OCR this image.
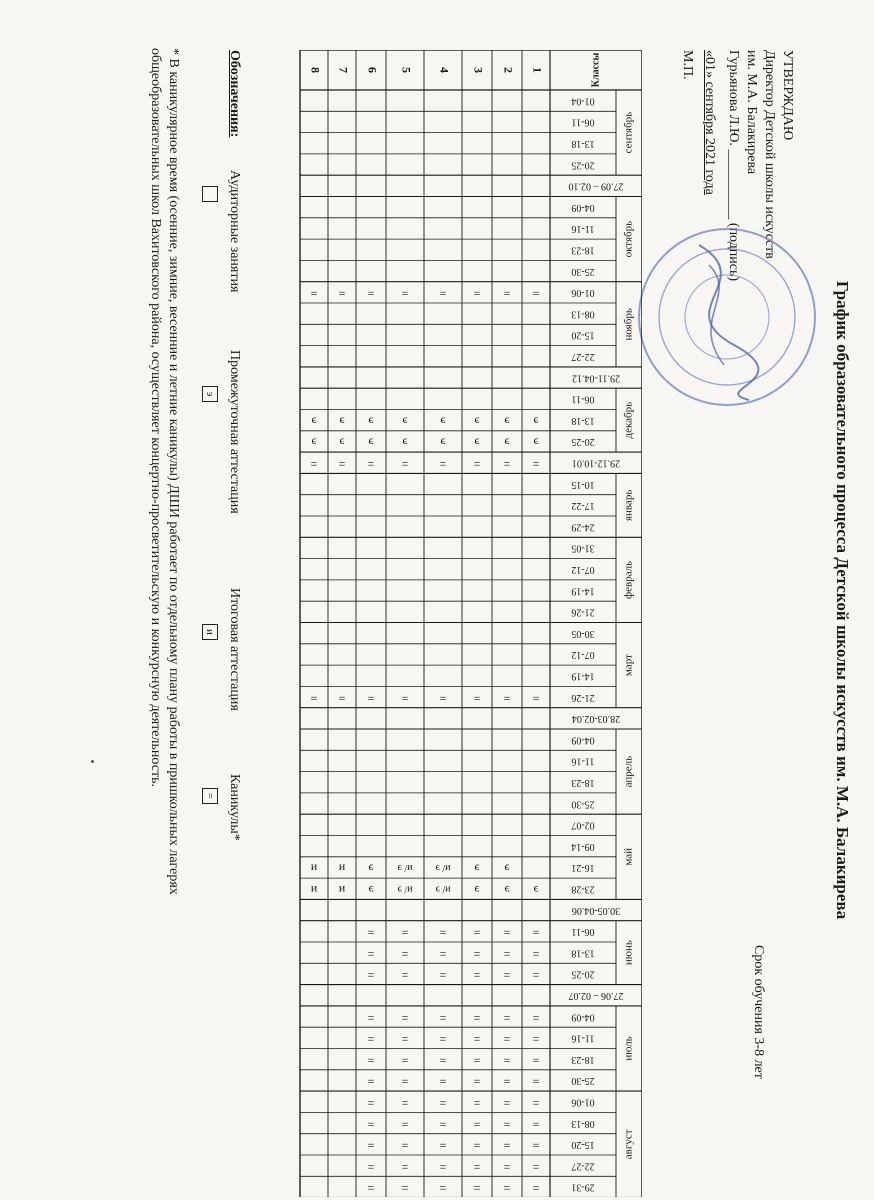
График образовательного процесса Детской школы искусств им. М.А. Балакирева
УТВЕРЖДАЮ
Директор Детской школы искусств
им. М.А. Балакирева
Гурьянова Л.Ю. __________ (подпись)
«01» сентября 2021 года
М.П.
Срок обучения 3-8 лет
Классы
сентябрь
01-04
06-11
13-18
20-25
27.09 – 02.10
октябрь
04-09
11-16
18-23
25-30
ноябрь
01-06
08-13
15-20
22-27
29.11-04.12
декабрь
06-11
13-18
20-25
29.12-10.01
январь
10-15
17-22
24-29
февраль
31-05
07-12
14-19
21-26
март
30-05
07-12
14-19
21-26
28.03-02.04
апрель
04-09
11-16
18-23
25-30
май
02-07
09-14
16-21
23-28
30.05-04.06
июнь
06-11
13-18
20-25
27.06 – 02.07
июль
04-09
11-16
18-23
25-30
август
01-06
08-13
15-20
22-27
29-31
1
=
э
э
=
=
э
=
=
=
=
=
=
=
=
=
=
=
=
2
=
э
э
=
=
э
э
=
=
=
=
=
=
=
=
=
=
=
=
3
=
э
э
=
=
э
э
=
=
=
=
=
=
=
=
=
=
=
=
4
=
э
э
=
=
и/ э
и/ э
=
=
=
=
=
=
=
=
=
=
=
=
5
=
э
э
=
=
и/ э
и/ э
=
=
=
=
=
=
=
=
=
=
=
=
6
=
э
э
=
=
э
э
=
=
=
=
=
=
=
=
=
=
=
=
7
=
э
э
=
=
и
и
8
=
э
э
=
=
и
и
Обозначения:
Аудиторные занятия
Промежуточная аттестация
э
Итоговая аттестация
и
Каникулы*
=
* В каникулярное время (осенние, зимние, весенние и летние каникулы) ДШИ работает по отдельному плану работы в пришкольных лагерях
общеобразовательных школ Вахитовского района, осуществляет концертно-просветительскую и конкурсную деятельность.
